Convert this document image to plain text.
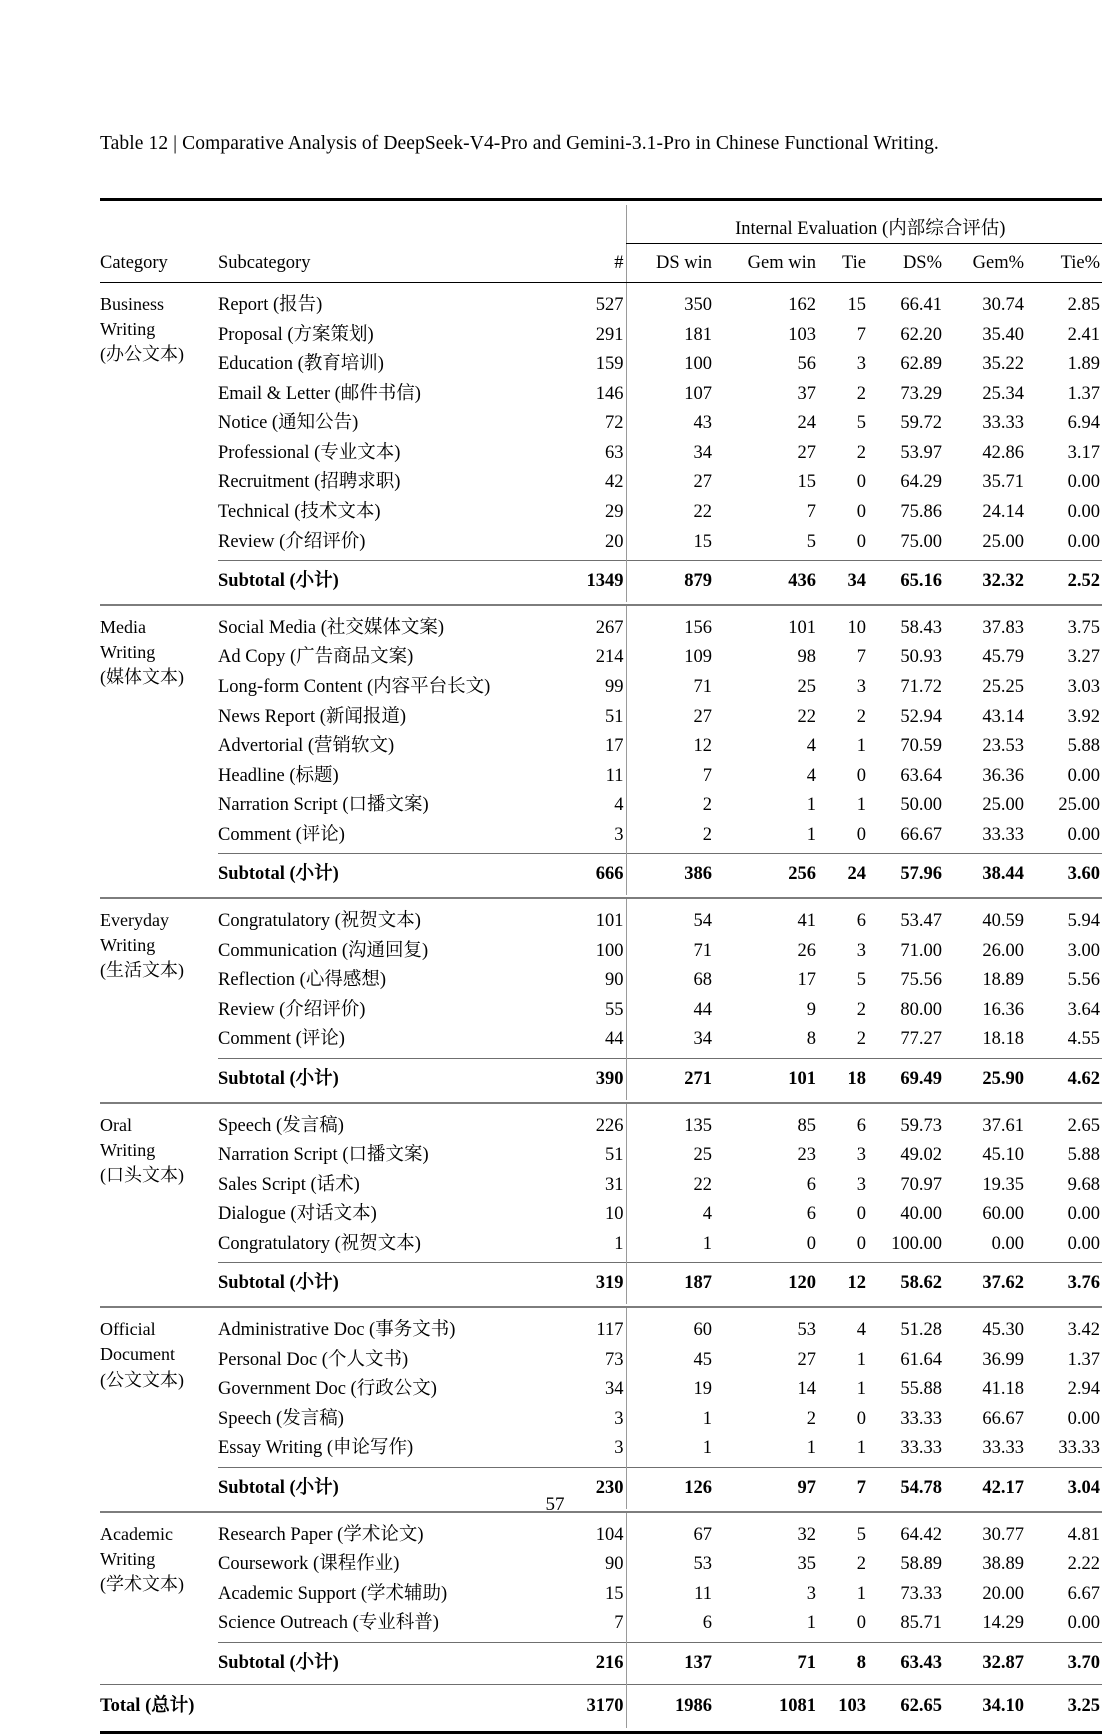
Table 12 | Comparative Analysis of DeepSeek-V4-Pro and Gemini-3.1-Pro in Chinese Functional Writing.

			Internal Evaluation (内部综合评估)					
Category	Subcategory	#	DS win	Gem win	Tie	DS%	Gem%	Tie%

Business
Writing
(办公文本)	Report (报告)	527	350	162	15	66.41	30.74	2.85
	Proposal (方案策划)	291	181	103	7	62.20	35.40	2.41
	Education (教育培训)	159	100	56	3	62.89	35.22	1.89
	Email & Letter (邮件书信)	146	107	37	2	73.29	25.34	1.37
	Notice (通知公告)	72	43	24	5	59.72	33.33	6.94
	Professional (专业文本)	63	34	27	2	53.97	42.86	3.17
	Recruitment (招聘求职)	42	27	15	0	64.29	35.71	0.00
	Technical (技术文本)	29	22	7	0	75.86	24.14	0.00
	Review (介绍评价)	20	15	5	0	75.00	25.00	0.00
	Subtotal (小计)	1349	879	436	34	65.16	32.32	2.52

Media
Writing
(媒体文本)	Social Media (社交媒体文案)	267	156	101	10	58.43	37.83	3.75
	Ad Copy (广告商品文案)	214	109	98	7	50.93	45.79	3.27
	Long-form Content (内容平台长文)	99	71	25	3	71.72	25.25	3.03
	News Report (新闻报道)	51	27	22	2	52.94	43.14	3.92
	Advertorial (营销软文)	17	12	4	1	70.59	23.53	5.88
	Headline (标题)	11	7	4	0	63.64	36.36	0.00
	Narration Script (口播文案)	4	2	1	1	50.00	25.00	25.00
	Comment (评论)	3	2	1	0	66.67	33.33	0.00
	Subtotal (小计)	666	386	256	24	57.96	38.44	3.60

Everyday
Writing
(生活文本)	Congratulatory (祝贺文本)	101	54	41	6	53.47	40.59	5.94
	Communication (沟通回复)	100	71	26	3	71.00	26.00	3.00
	Reflection (心得感想)	90	68	17	5	75.56	18.89	5.56
	Review (介绍评价)	55	44	9	2	80.00	16.36	3.64
	Comment (评论)	44	34	8	2	77.27	18.18	4.55
	Subtotal (小计)	390	271	101	18	69.49	25.90	4.62

Oral
Writing
(口头文本)	Speech (发言稿)	226	135	85	6	59.73	37.61	2.65
	Narration Script (口播文案)	51	25	23	3	49.02	45.10	5.88
	Sales Script (话术)	31	22	6	3	70.97	19.35	9.68
	Dialogue (对话文本)	10	4	6	0	40.00	60.00	0.00
	Congratulatory (祝贺文本)	1	1	0	0	100.00	0.00	0.00
	Subtotal (小计)	319	187	120	12	58.62	37.62	3.76

Official
Document
(公文文本)	Administrative Doc (事务文书)	117	60	53	4	51.28	45.30	3.42
	Personal Doc (个人文书)	73	45	27	1	61.64	36.99	1.37
	Government Doc (行政公文)	34	19	14	1	55.88	41.18	2.94
	Speech (发言稿)	3	1	2	0	33.33	66.67	0.00
	Essay Writing (申论写作)	3	1	1	1	33.33	33.33	33.33
	Subtotal (小计)	230	126	97	7	54.78	42.17	3.04

Academic
Writing
(学术文本)	Research Paper (学术论文)	104	67	32	5	64.42	30.77	4.81
	Coursework (课程作业)	90	53	35	2	58.89	38.89	2.22
	Academic Support (学术辅助)	15	11	3	1	73.33	20.00	6.67
	Science Outreach (专业科普)	7	6	1	0	85.71	14.29	0.00
	Subtotal (小计)	216	137	71	8	63.43	32.87	3.70
Total (总计)		3170	1986	1081	103	62.65	34.10	3.25

57
